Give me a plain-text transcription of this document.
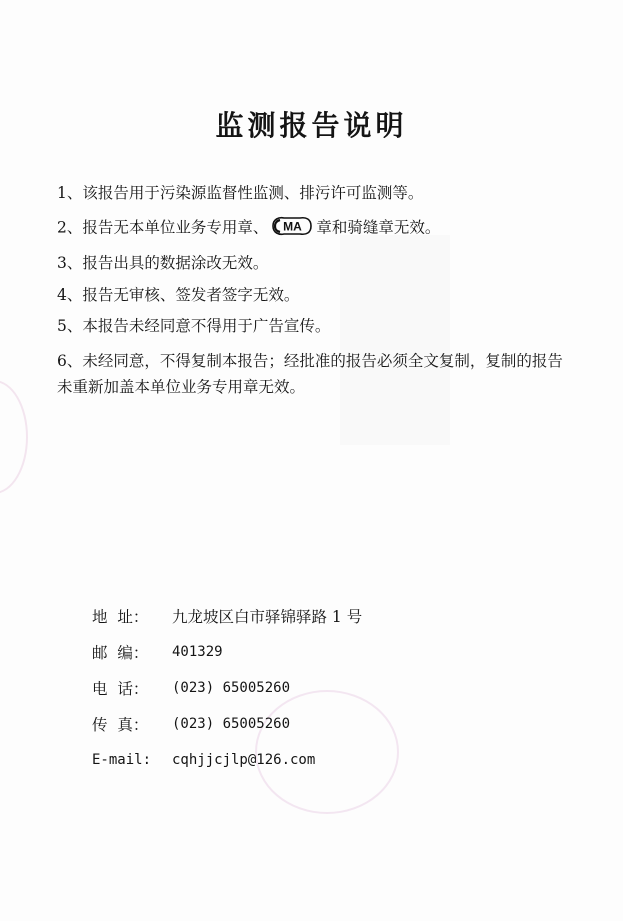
监测报告说明
1、该报告用于污染源监督性监测、排污许可监测等。
2、报告无本单位业务专用章、 MA 章和骑缝章无效。
3、报告出具的数据涂改无效。
4、报告无审核、签发者签字无效。
5、本报告未经同意不得用于广告宣传。
6、未经同意，不得复制本报告；经批准的报告必须全文复制，复制的报告未重新加盖本单位业务专用章无效。
地  址：	九龙坡区白市驿锦驿路 1 号
邮  编：	401329
电  话：	(023) 65005260
传  真：	(023) 65005260
E-mail:	cqhjjcjlp@126.com
